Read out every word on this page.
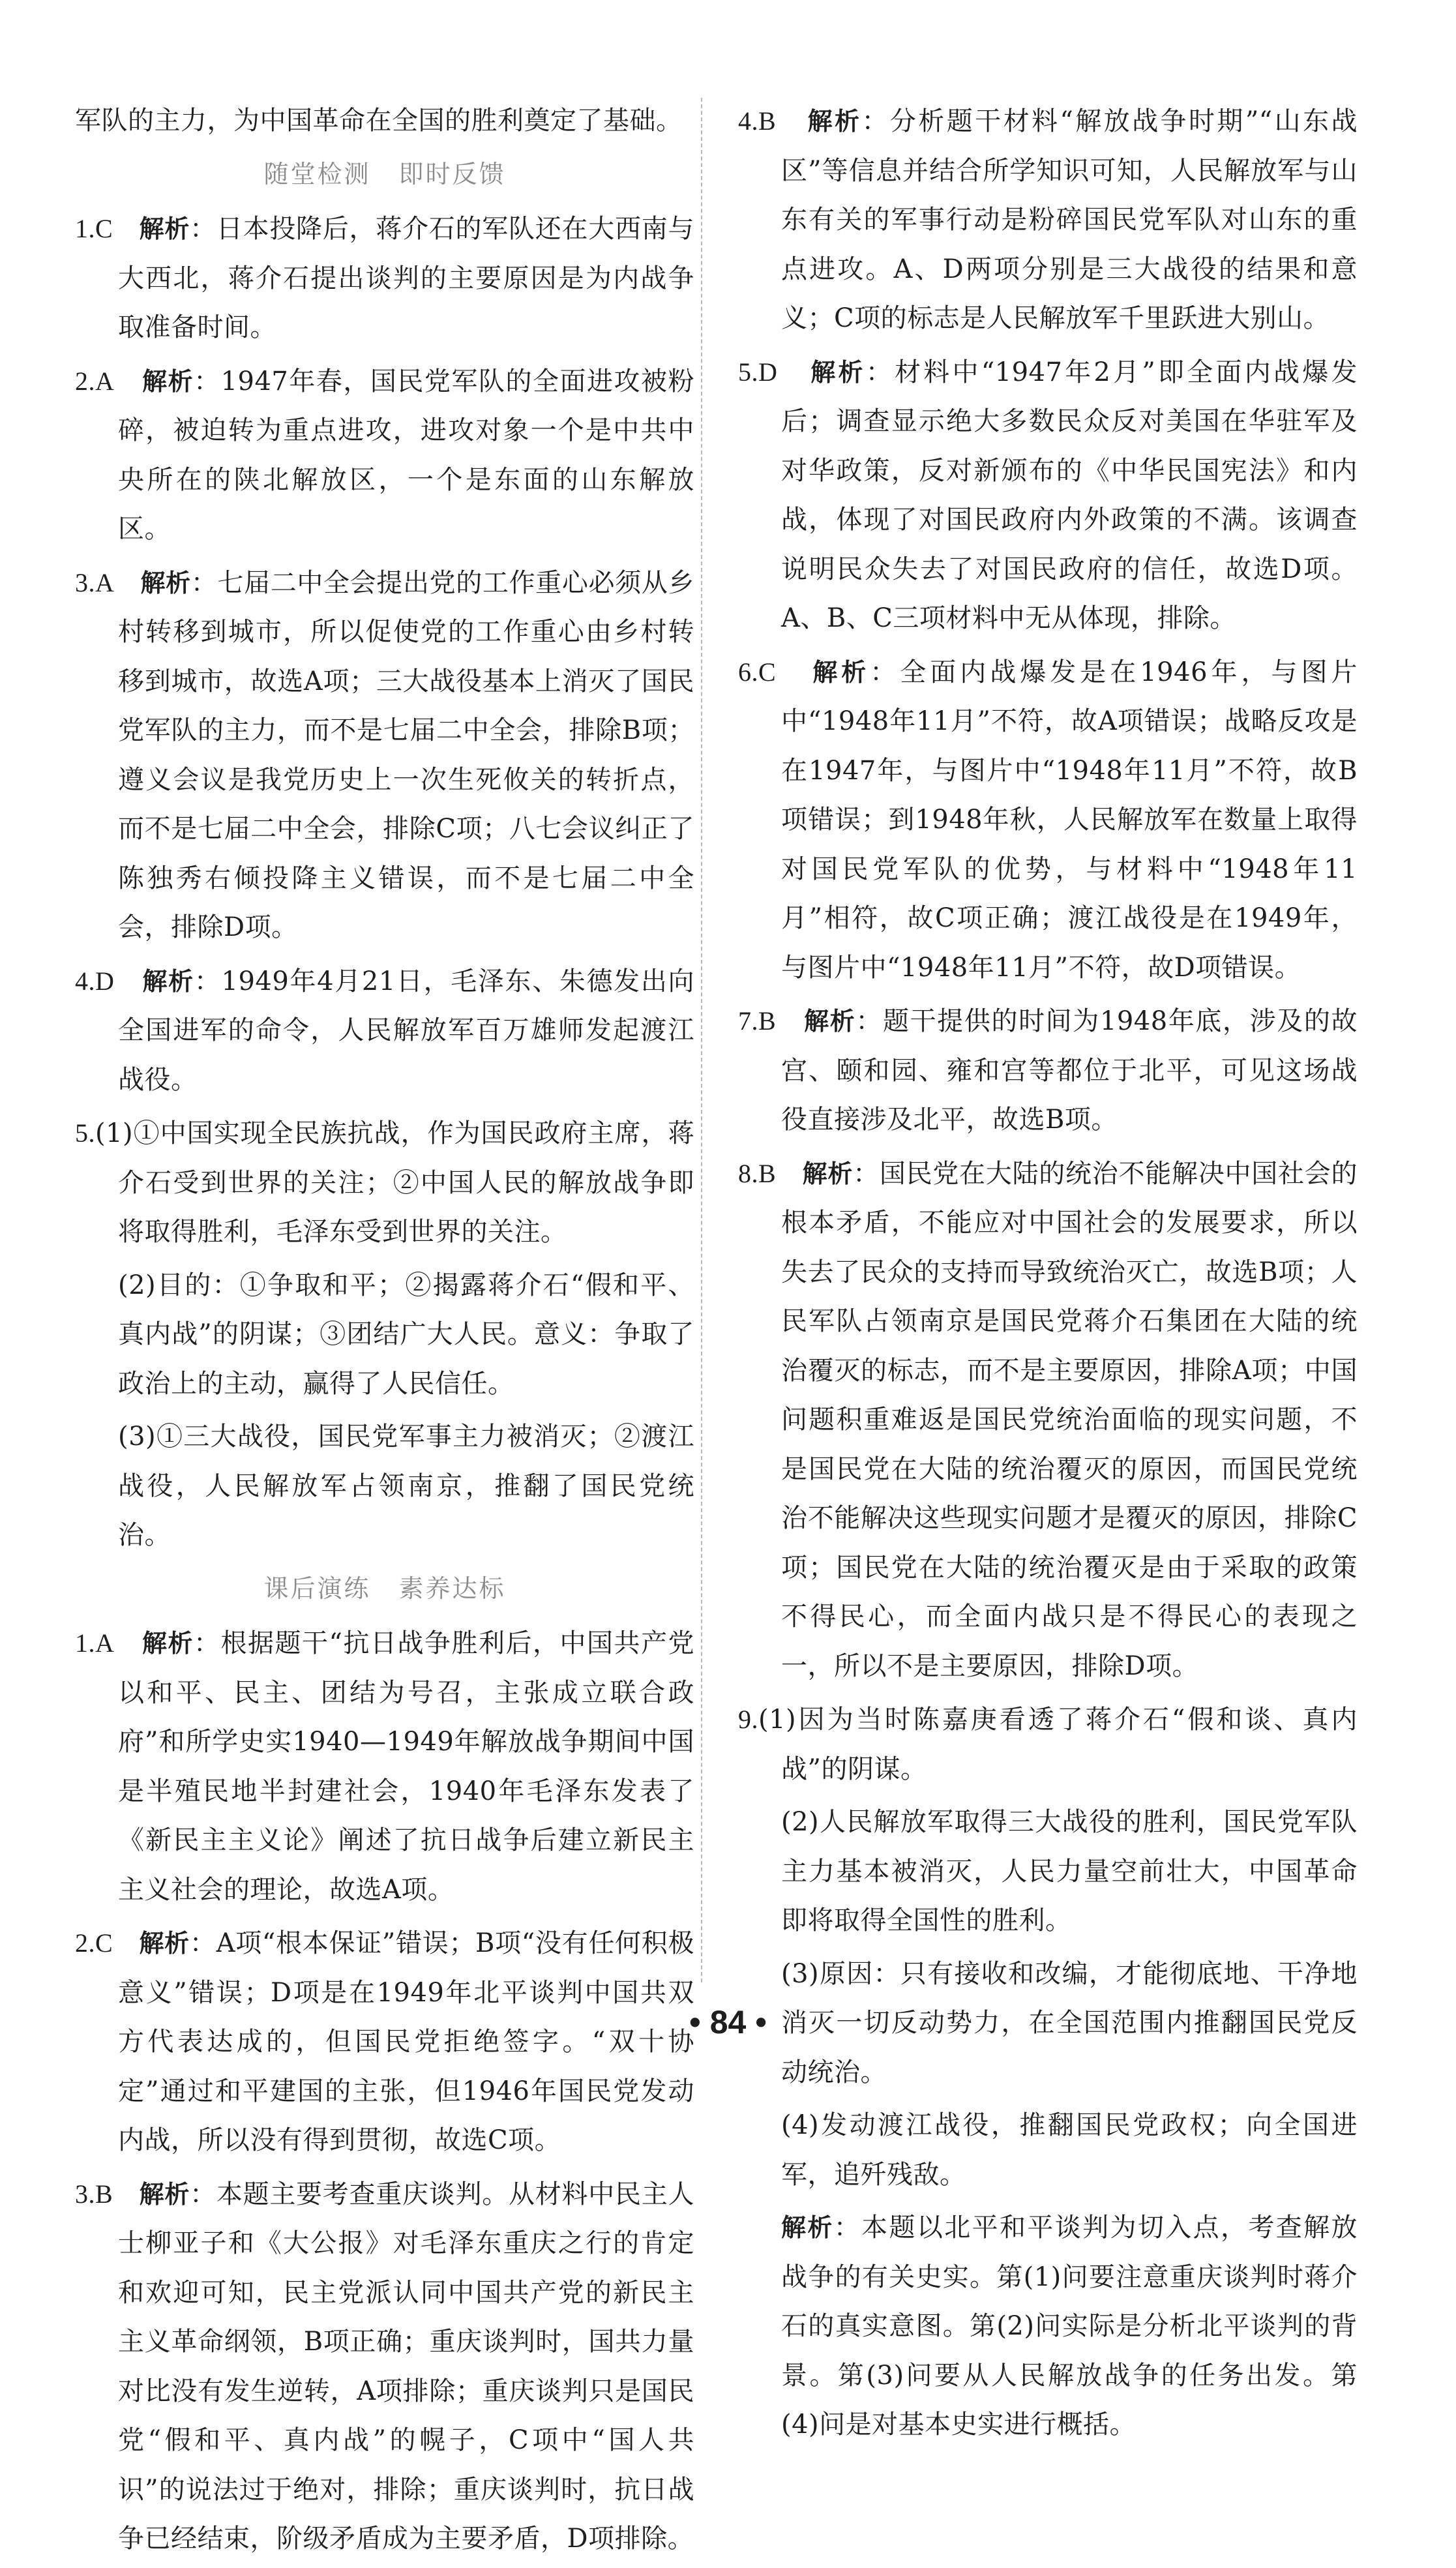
军队的主力，为中国革命在全国的胜利奠定了基础。

随堂检测 即时反馈

1.C 解析：日本投降后，蒋介石的军队还在大西南与大西北，蒋介石提出谈判的主要原因是为内战争取准备时间。

2.A 解析：1947年春，国民党军队的全面进攻被粉碎，被迫转为重点进攻，进攻对象一个是中共中央所在的陕北解放区，一个是东面的山东解放区。

3.A 解析：七届二中全会提出党的工作重心必须从乡村转移到城市，所以促使党的工作重心由乡村转移到城市，故选A项；三大战役基本上消灭了国民党军队的主力，而不是七届二中全会，排除B项；遵义会议是我党历史上一次生死攸关的转折点，而不是七届二中全会，排除C项；八七会议纠正了陈独秀右倾投降主义错误，而不是七届二中全会，排除D项。

4.D 解析：1949年4月21日，毛泽东、朱德发出向全国进军的命令，人民解放军百万雄师发起渡江战役。

5.(1)①中国实现全民族抗战，作为国民政府主席，蒋介石受到世界的关注；②中国人民的解放战争即将取得胜利，毛泽东受到世界的关注。

(2)目的：①争取和平；②揭露蒋介石“假和平、真内战”的阴谋；③团结广大人民。意义：争取了政治上的主动，赢得了人民信任。

(3)①三大战役，国民党军事主力被消灭；②渡江战役，人民解放军占领南京，推翻了国民党统治。

课后演练 素养达标

1.A 解析：根据题干“抗日战争胜利后，中国共产党以和平、民主、团结为号召，主张成立联合政府”和所学史实1940—1949年解放战争期间中国是半殖民地半封建社会，1940年毛泽东发表了《新民主主义论》阐述了抗日战争后建立新民主主义社会的理论，故选A项。

2.C 解析：A项“根本保证”错误；B项“没有任何积极意义”错误；D项是在1949年北平谈判中国共双方代表达成的，但国民党拒绝签字。“双十协定”通过和平建国的主张，但1946年国民党发动内战，所以没有得到贯彻，故选C项。

3.B 解析：本题主要考查重庆谈判。从材料中民主人士柳亚子和《大公报》对毛泽东重庆之行的肯定和欢迎可知，民主党派认同中国共产党的新民主主义革命纲领，B项正确；重庆谈判时，国共力量对比没有发生逆转，A项排除；重庆谈判只是国民党“假和平、真内战”的幌子，C项中“国人共识”的说法过于绝对，排除；重庆谈判时，抗日战争已经结束，阶级矛盾成为主要矛盾，D项排除。

4.B 解析：分析题干材料“解放战争时期”“山东战区”等信息并结合所学知识可知，人民解放军与山东有关的军事行动是粉碎国民党军队对山东的重点进攻。A、D两项分别是三大战役的结果和意义；C项的标志是人民解放军千里跃进大别山。

5.D 解析：材料中“1947年2月”即全面内战爆发后；调查显示绝大多数民众反对美国在华驻军及对华政策，反对新颁布的《中华民国宪法》和内战，体现了对国民政府内外政策的不满。该调查说明民众失去了对国民政府的信任，故选D项。A、B、C三项材料中无从体现，排除。

6.C 解析：全面内战爆发是在1946年，与图片中“1948年11月”不符，故A项错误；战略反攻是在1947年，与图片中“1948年11月”不符，故B项错误；到1948年秋，人民解放军在数量上取得对国民党军队的优势，与材料中“1948年11月”相符，故C项正确；渡江战役是在1949年，与图片中“1948年11月”不符，故D项错误。

7.B 解析：题干提供的时间为1948年底，涉及的故宫、颐和园、雍和宫等都位于北平，可见这场战役直接涉及北平，故选B项。

8.B 解析：国民党在大陆的统治不能解决中国社会的根本矛盾，不能应对中国社会的发展要求，所以失去了民众的支持而导致统治灭亡，故选B项；人民军队占领南京是国民党蒋介石集团在大陆的统治覆灭的标志，而不是主要原因，排除A项；中国问题积重难返是国民党统治面临的现实问题，不是国民党在大陆的统治覆灭的原因，而国民党统治不能解决这些现实问题才是覆灭的原因，排除C项；国民党在大陆的统治覆灭是由于采取的政策不得民心，而全面内战只是不得民心的表现之一，所以不是主要原因，排除D项。

9.(1)因为当时陈嘉庚看透了蒋介石“假和谈、真内战”的阴谋。

(2)人民解放军取得三大战役的胜利，国民党军队主力基本被消灭，人民力量空前壮大，中国革命即将取得全国性的胜利。

(3)原因：只有接收和改编，才能彻底地、干净地消灭一切反动势力，在全国范围内推翻国民党反动统治。

(4)发动渡江战役，推翻国民党政权；向全国进军，追歼残敌。

解析：本题以北平和平谈判为切入点，考查解放战争的有关史实。第(1)问要注意重庆谈判时蒋介石的真实意图。第(2)问实际是分析北平谈判的背景。第(3)问要从人民解放战争的任务出发。第(4)问是对基本史实进行概括。

• 84 •
